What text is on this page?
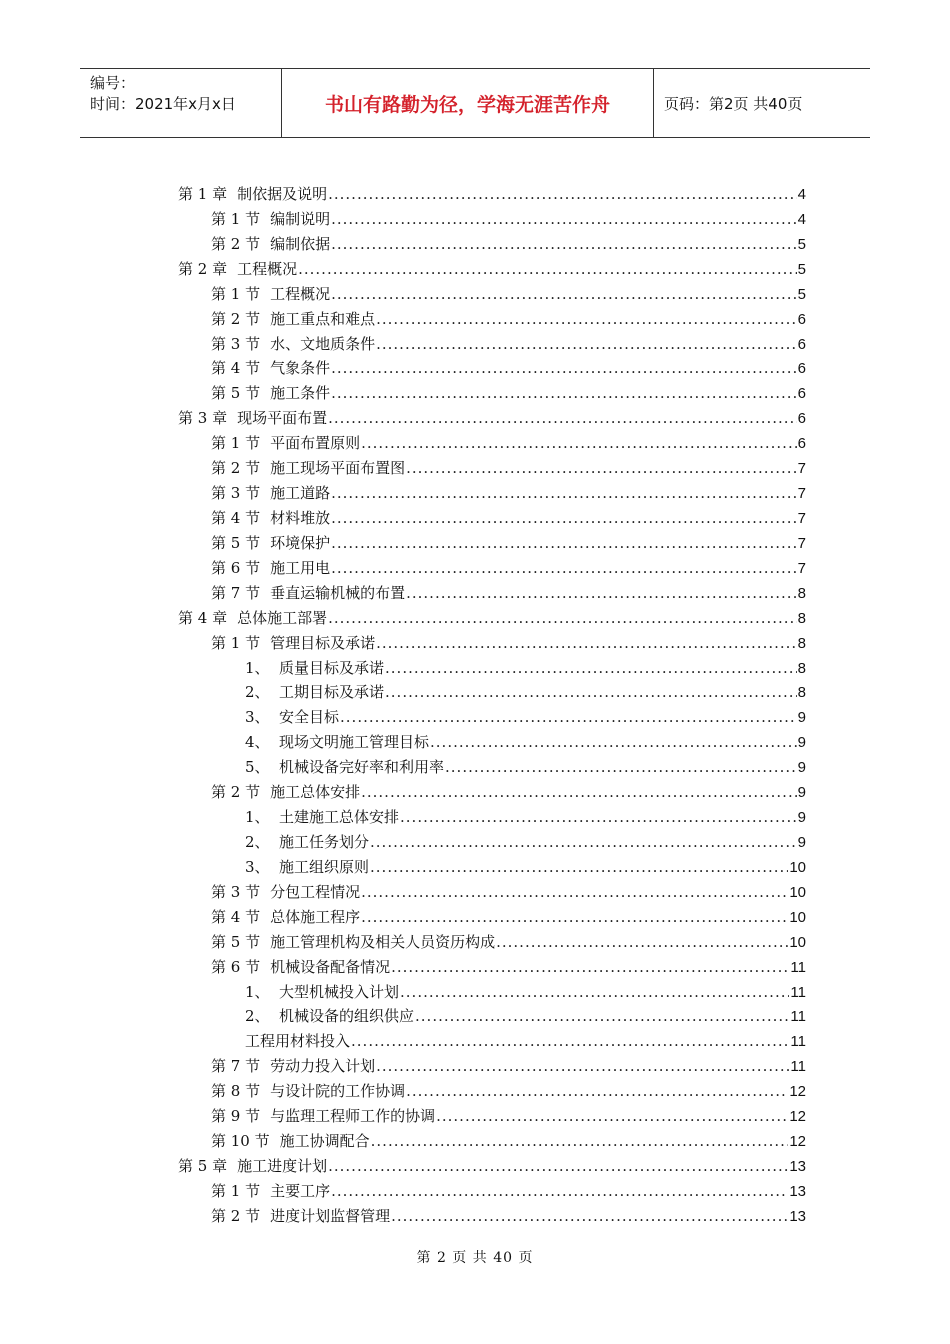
编号：
时间：2021年x月x日	书山有路勤为径，学海无涯苦作舟	页码：第2页 共40页
第 1 章 制依据及说明 .....	4
第 1 节 编制说明 .....	4
第 2 节 编制依据 .....	5
第 2 章 工程概况 .....	5
第 1 节 工程概况 .....	5
第 2 节 施工重点和难点 .....	6
第 3 节 水、文地质条件 .....	6
第 4 节 气象条件 .....	6
第 5 节 施工条件 .....	6
第 3 章 现场平面布置 .....	6
第 1 节 平面布置原则 .....	6
第 2 节 施工现场平面布置图 .....	7
第 3 节 施工道路 .....	7
第 4 节 材料堆放 .....	7
第 5 节 环境保护 .....	7
第 6 节 施工用电 .....	7
第 7 节 垂直运输机械的布置 .....	8
第 4 章 总体施工部署 .....	8
第 1 节 管理目标及承诺 .....	8
1、 质量目标及承诺 .....	8
2、 工期目标及承诺 .....	8
3、 安全目标 .....	9
4、 现场文明施工管理目标 .....	9
5、 机械设备完好率和利用率 .....	9
第 2 节 施工总体安排 .....	9
1、 土建施工总体安排 .....	9
2、 施工任务划分 .....	9
3、 施工组织原则 .....	10
第 3 节 分包工程情况 .....	10
第 4 节 总体施工程序 .....	10
第 5 节 施工管理机构及相关人员资历构成 .....	10
第 6 节 机械设备配备情况 .....	11
1、 大型机械投入计划 .....	11
2、 机械设备的组织供应 .....	11
工程用材料投入 .....	11
第 7 节 劳动力投入计划 .....	11
第 8 节 与设计院的工作协调 .....	12
第 9 节 与监理工程师工作的协调 .....	12
第 10 节 施工协调配合 .....	12
第 5 章 施工进度计划 .....	13
第 1 节 主要工序 .....	13
第 2 节 进度计划监督管理 .....	13
第 2 页 共 40 页
